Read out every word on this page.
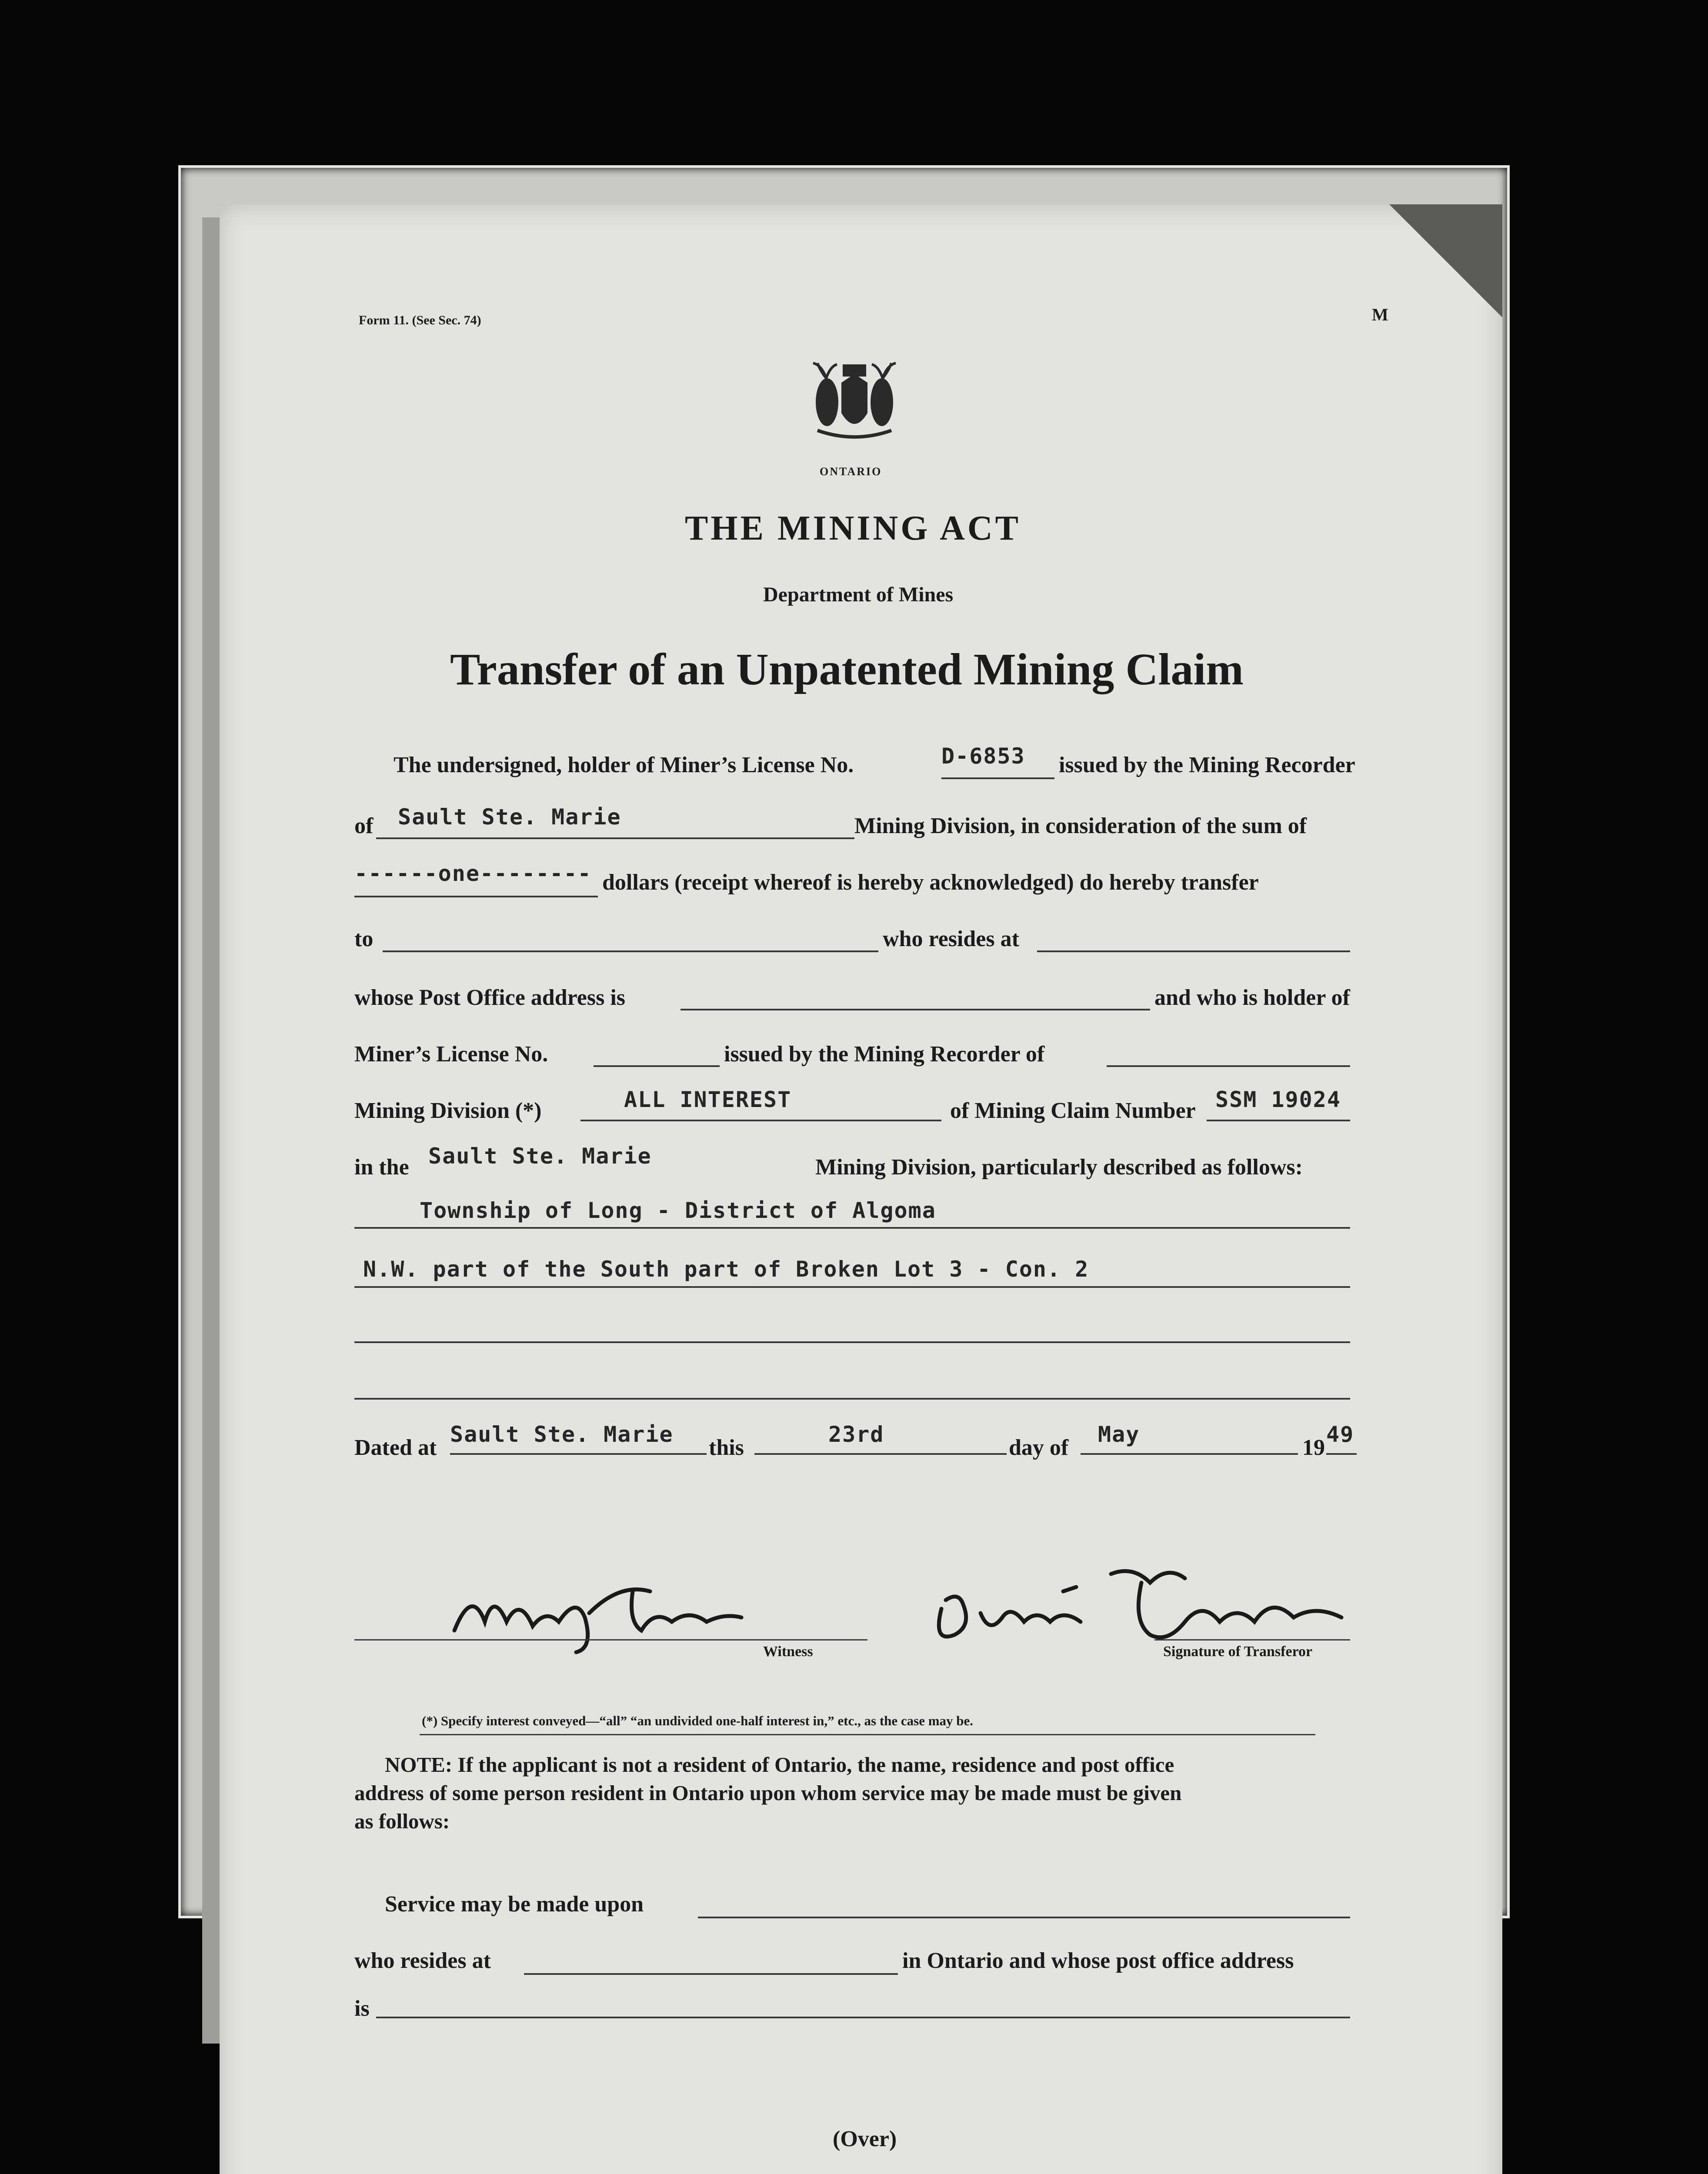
Form 11. (See Sec. 74)	M
ONTARIO
THE MINING ACT
Department of Mines
Transfer of an Unpatented Mining Claim
The undersigned, holder of Miner’s License No.	D-6853 issued by the Mining Recorder
of Sault Ste. Marie	Mining Division, in consideration of the sum of
------one-------- dollars (receipt whereof is hereby acknowledged) do hereby transfer
to	who resides at
whose Post Office address is	and who is holder of
Miner’s License No.	issued by the Mining Recorder of
Mining Division (*)	ALL INTEREST	of Mining Claim Number SSM 19024
in the Sault Ste. Marie	Mining Division, particularly described as follows:
Township of Long - District of Algoma
N.W. part of the South part of Broken Lot 3 - Con. 2
Dated at
Sault Ste. Marie
this
23rd
day of
May
19
49
Witness	Signature of Transferor
(*) Specify interest conveyed—“all” “an undivided one-half interest in,” etc., as the case may be.
NOTE: If the applicant is not a resident of Ontario, the name, residence and post office
address of some person resident in Ontario upon whom service may be made must be given
as follows:
Service may be made upon
who resides at	in Ontario and whose post office address
is
(Over)
